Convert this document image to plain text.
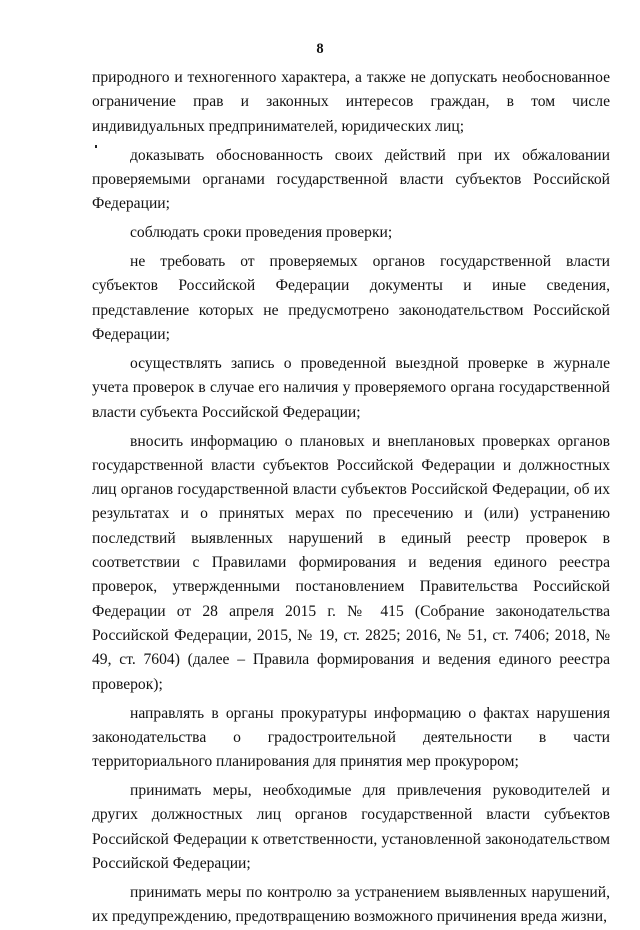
8

природного и техногенного характера, а также не допускать необоснованное ограничение прав и законных интересов граждан, в том числе индивидуальных предпринимателей, юридических лиц;

доказывать обоснованность своих действий при их обжаловании проверяемыми органами государственной власти субъектов Российской Федерации;

соблюдать сроки проведения проверки;

не требовать от проверяемых органов государственной власти субъектов Российской Федерации документы и иные сведения, представление которых не предусмотрено законодательством Российской Федерации;

осуществлять запись о проведенной выездной проверке в журнале учета проверок в случае его наличия у проверяемого органа государственной власти субъекта Российской Федерации;

вносить информацию о плановых и внеплановых проверках органов государственной власти субъектов Российской Федерации и должностных лиц органов государственной власти субъектов Российской Федерации, об их результатах и о принятых мерах по пресечению и (или) устранению последствий выявленных нарушений в единый реестр проверок в соответствии с Правилами формирования и ведения единого реестра проверок, утвержденными постановлением Правительства Российской Федерации от 28 апреля 2015 г. № 415 (Собрание законодательства Российской Федерации, 2015, № 19, ст. 2825; 2016, № 51, ст. 7406; 2018, № 49, ст. 7604) (далее – Правила формирования и ведения единого реестра проверок);

направлять в органы прокуратуры информацию о фактах нарушения законодательства о градостроительной деятельности в части территориального планирования для принятия мер прокурором;

принимать меры, необходимые для привлечения руководителей и других должностных лиц органов государственной власти субъектов Российской Федерации к ответственности, установленной законодательством Российской Федерации;

принимать меры по контролю за устранением выявленных нарушений, их предупреждению, предотвращению возможного причинения вреда жизни,
